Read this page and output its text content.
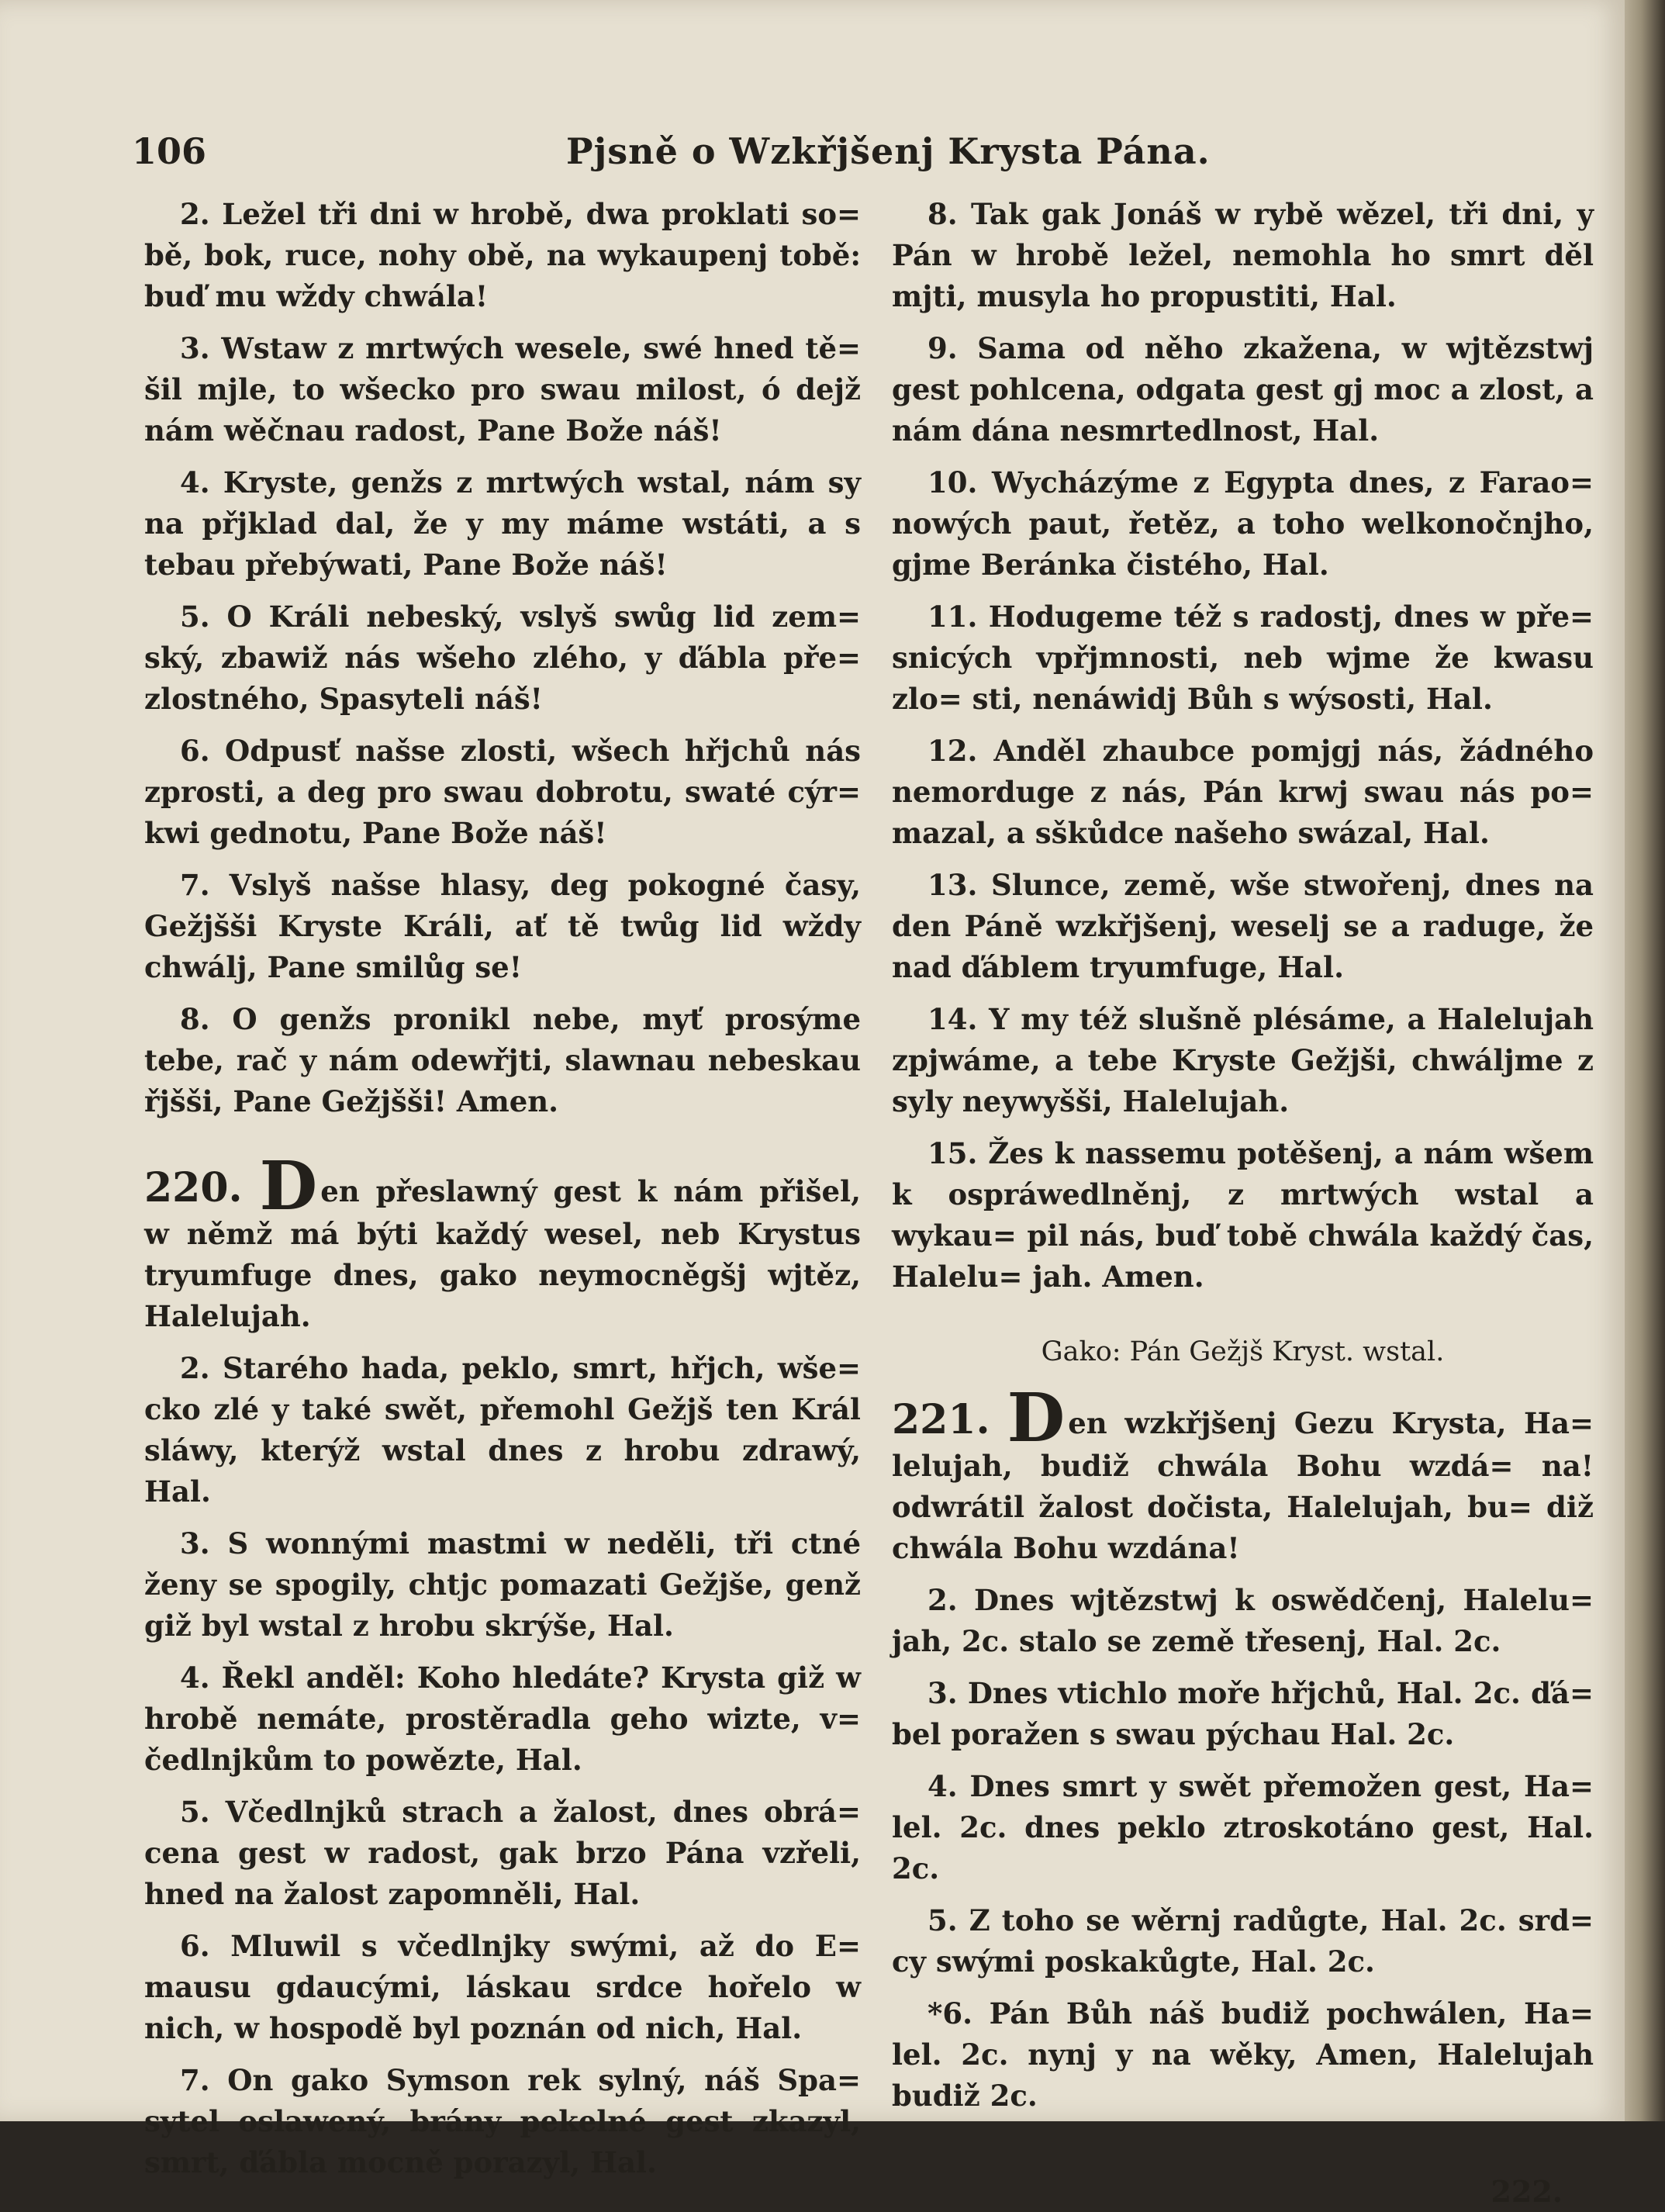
106	Pjsně o Wzkřjšenj Krysta Pána.

2. Ležel tři dni w hrobě, dwa proklati so= bě, bok, ruce, nohy obě, na wykaupenj tobě: buď mu wždy chwála!

3. Wstaw z mrtwých wesele, swé hned tě= šil mjle, to wšecko pro swau milost, ó dejž nám wěčnau radost, Pane Bože náš!

4. Kryste, genžs z mrtwých wstal, nám sy na přjklad dal, že y my máme wstáti, a s tebau přebýwati, Pane Bože náš!

5. O Králi nebeský, vslyš swůg lid zem= ský, zbawiž nás wšeho zlého, y ďábla pře= zlostného, Spasyteli náš!

6. Odpusť našse zlosti, wšech hřjchů nás zprosti, a deg pro swau dobrotu, swaté cýr= kwi gednotu, Pane Bože náš!

7. Vslyš našse hlasy, deg pokogné časy, Gežjšši Kryste Králi, ať tě twůg lid wždy chwálj, Pane smilůg se!

8. O genžs pronikl nebe, myť prosýme tebe, rač y nám odewřjti, slawnau nebeskau řjšši, Pane Gežjšši! Amen.

220. D en přeslawný gest k nám přišel, w němž má býti každý wesel, neb Krystus tryumfuge dnes, gako neymocněgšj wjtěz, Halelujah.

2. Starého hada, peklo, smrt, hřjch, wše= cko zlé y také swět, přemohl Gežjš ten Král sláwy, kterýž wstal dnes z hrobu zdrawý, Hal.

3. S wonnými mastmi w neděli, tři ctné ženy se spogily, chtjc pomazati Gežjše, genž giž byl wstal z hrobu skrýše, Hal.

4. Řekl anděl: Koho hledáte? Krysta giž w hrobě nemáte, prostěradla geho wizte, v= čedlnjkům to powězte, Hal.

5. Včedlnjků strach a žalost, dnes obrá= cena gest w radost, gak brzo Pána vzřeli, hned na žalost zapomněli, Hal.

6. Mluwil s včedlnjky swými, až do E= mausu gdaucými, láskau srdce hořelo w nich, w hospodě byl poznán od nich, Hal.

7. On gako Symson rek sylný, náš Spa= sytel oslawený, brány pekelné gest zkazyl, smrt, ďábla mocně porazyl, Hal.

8. Tak gak Jonáš w rybě wězel, tři dni, y Pán w hrobě ležel, nemohla ho smrt děl mjti, musyla ho propustiti, Hal.

9. Sama od něho zkažena, w wjtězstwj gest pohlcena, odgata gest gj moc a zlost, a nám dána nesmrtedlnost, Hal.

10. Wycházýme z Egypta dnes, z Farao= nowých paut, řetěz, a toho welkonočnjho, gjme Beránka čistého, Hal.

11. Hodugeme též s radostj, dnes w pře= snicých vpřjmnosti, neb wjme že kwasu zlo= sti, nenáwidj Bůh s wýsosti, Hal.

12. Anděl zhaubce pomjgj nás, žádného nemorduge z nás, Pán krwj swau nás po= mazal, a sškůdce našeho swázal, Hal.

13. Slunce, země, wše stwořenj, dnes na den Páně wzkřjšenj, weselj se a raduge, že nad ďáblem tryumfuge, Hal.

14. Y my též slušně plésáme, a Halelujah zpjwáme, a tebe Kryste Gežjši, chwáljme z syly neywyšši, Halelujah.

15. Žes k nassemu potěšenj, a nám wšem k ospráwedlněnj, z mrtwých wstal a wykau= pil nás, buď tobě chwála každý čas, Halelu= jah. Amen.

Gako: Pán Gežjš Kryst. wstal.

221. D en wzkřjšenj Gezu Krysta, Ha= lelujah, budiž chwála Bohu wzdá= na! odwrátil žalost dočista, Halelujah, bu= diž chwála Bohu wzdána!

2. Dnes wjtězstwj k oswědčenj, Halelu= jah, 2c. stalo se země třesenj, Hal. 2c.

3. Dnes vtichlo moře hřjchů, Hal. 2c. ďá= bel poražen s swau pýchau Hal. 2c.

4. Dnes smrt y swět přemožen gest, Ha= lel. 2c. dnes peklo ztroskotáno gest, Hal. 2c.

5. Z toho se wěrnj radůgte, Hal. 2c. srd= cy swými poskakůgte, Hal. 2c.

*6. Pán Bůh náš budiž pochwálen, Ha= lel. 2c. nynj y na wěky, Amen, Halelujah budiž 2c.

222.
